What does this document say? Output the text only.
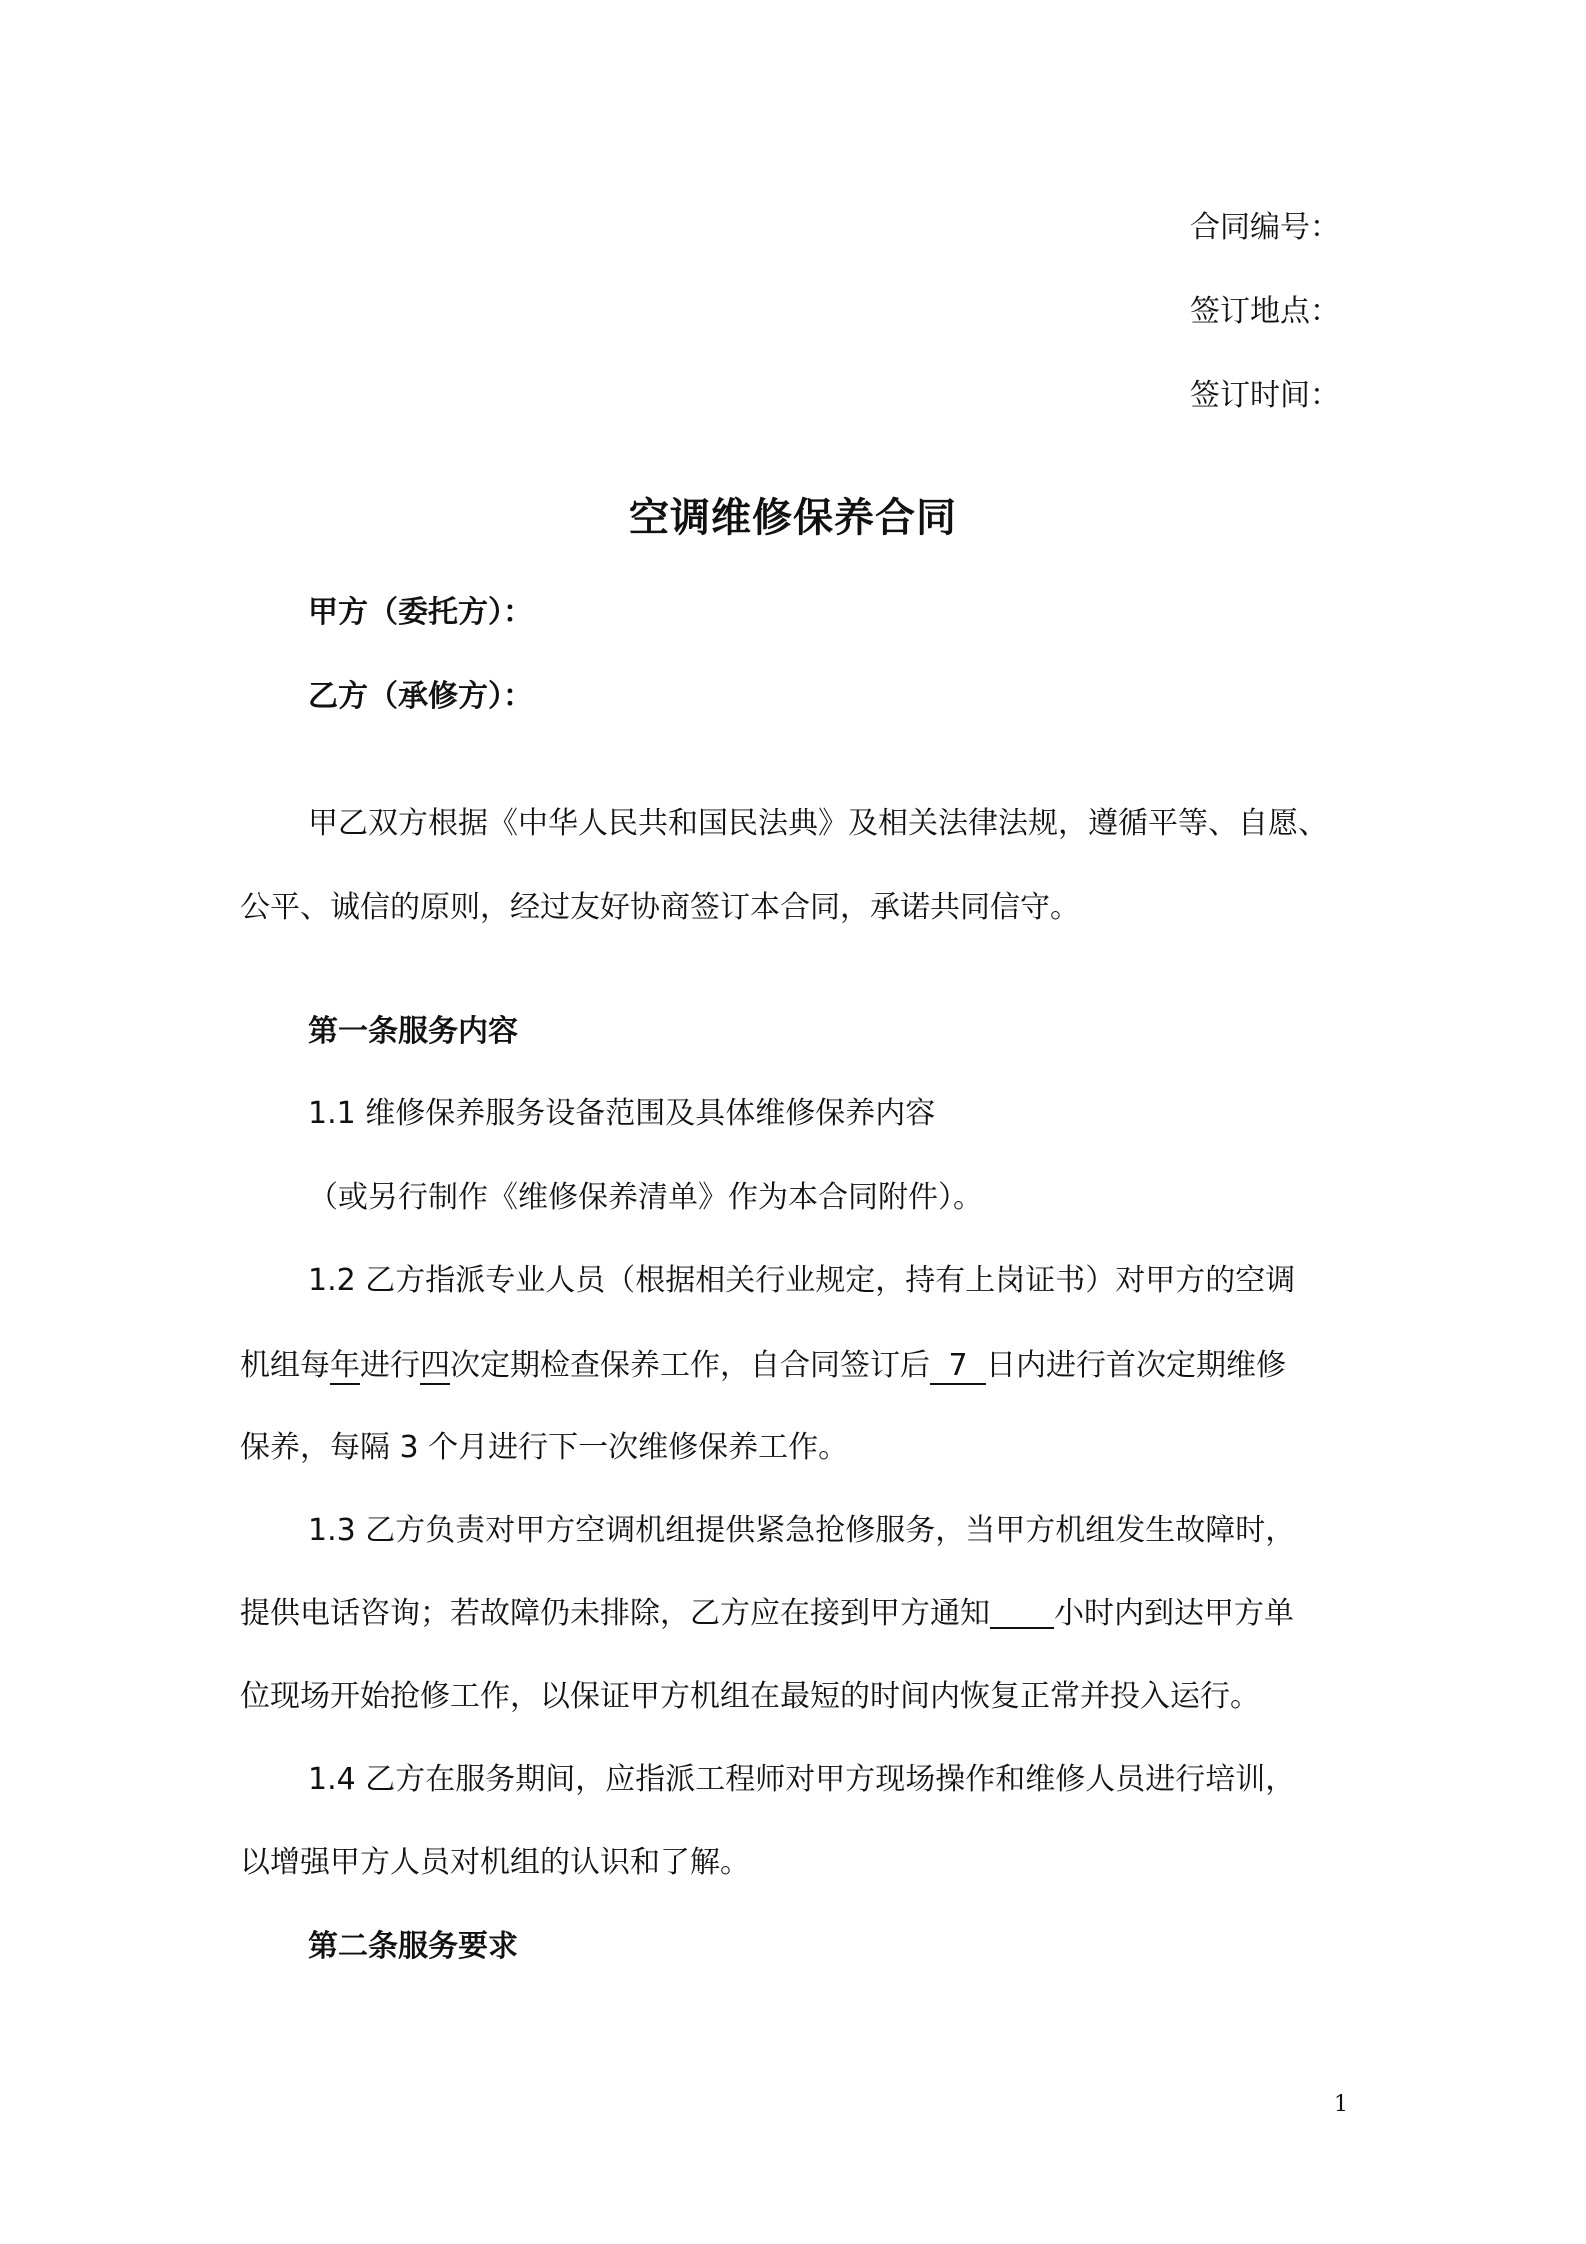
合同编号：
签订地点：
签订时间：
空调维修保养合同
甲方（委托方）：
乙方（承修方）：
甲乙双方根据《中华人民共和国民法典》及相关法律法规，遵循平等、自愿、
公平、诚信的原则，经过友好协商签订本合同，承诺共同信守。
第一条服务内容
1.1 维修保养服务设备范围及具体维修保养内容
（或另行制作《维修保养清单》作为本合同附件）。
1.2 乙方指派专业人员（根据相关行业规定，持有上岗证书）对甲方的空调
机组每年进行四次定期检查保养工作，自合同签订后 7 日内进行首次定期维修
保养，每隔 3 个月进行下一次维修保养工作。
1.3 乙方负责对甲方空调机组提供紧急抢修服务，当甲方机组发生故障时，
提供电话咨询；若故障仍未排除，乙方应在接到甲方通知 小时内到达甲方单
位现场开始抢修工作，以保证甲方机组在最短的时间内恢复正常并投入运行。
1.4 乙方在服务期间，应指派工程师对甲方现场操作和维修人员进行培训，
以增强甲方人员对机组的认识和了解。
第二条服务要求
1
